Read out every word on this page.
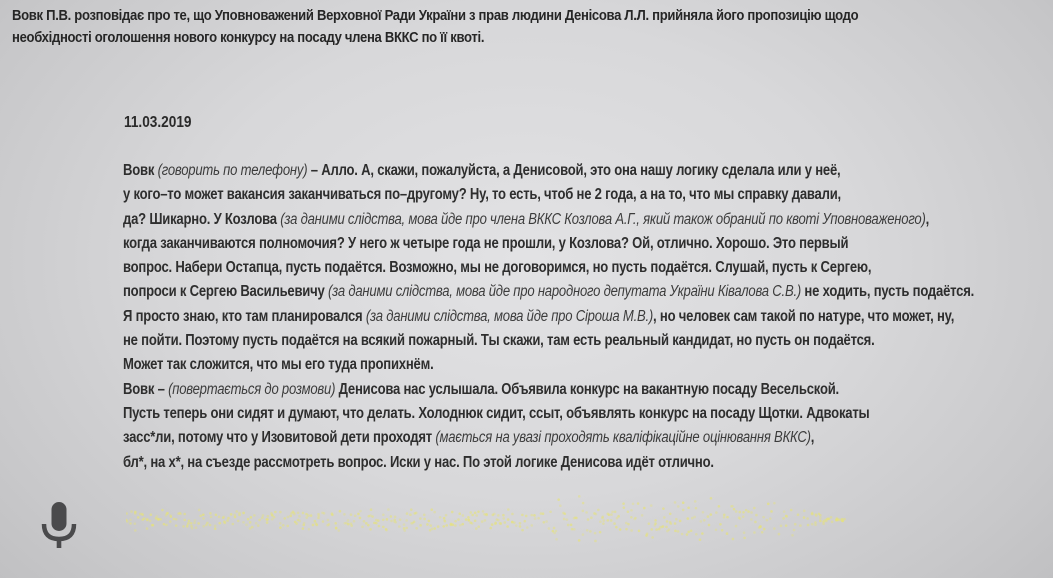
Вовк П.В. розповідає про те, що Уповноважений Верховної Ради України з прав людини Денісова Л.Л. прийняла його пропозицію щодо
необхідності оголошення нового конкурсу на посаду члена ВККС по її квоті.
11.03.2019
Вовк (говорить по телефону) – Алло. А, скажи, пожалуйста, а Денисовой, это она нашу логику сделала или у неё,
у кого–то может вакансия заканчиваться по–другому? Ну, то есть, чтоб не 2 года, а на то, что мы справку давали,
да? Шикарно. У Козлова (за даними слідства, мова йде про члена ВККС Козлова А.Г., який також обраний по квоті Уповноваженого),
когда заканчиваются полномочия? У него ж четыре года не прошли, у Козлова? Ой, отлично. Хорошо. Это первый
вопрос. Набери Остапца, пусть подаётся. Возможно, мы не договоримся, но пусть подаётся. Слушай, пусть к Сергею,
попроси к Сергею Васильевичу (за даними слідства, мова йде про народного депутата України Ківалова С.В.) не ходить, пусть подаётся.
Я просто знаю, кто там планировался (за даними слідства, мова йде про Сіроша М.В.), но человек сам такой по натуре, что может, ну,
не пойти. Поэтому пусть подаётся на всякий пожарный. Ты скажи, там есть реальный кандидат, но пусть он подаётся.
Может так сложится, что мы его туда пропихнём.
Вовк – (повертається до розмови) Денисова нас услышала. Объявила конкурс на вакантную посаду Весельской.
Пусть теперь они сидят и думают, что делать. Холоднюк сидит, ссыт, объявлять конкурс на посаду Щотки. Адвокаты
засс*ли, потому что у Изовитовой дети проходят (мається на увазі проходять кваліфікаційне оцінювання ВККС),
бл*, на х*, на съезде рассмотреть вопрос. Иски у нас. По этой логике Денисова идёт отлично.
